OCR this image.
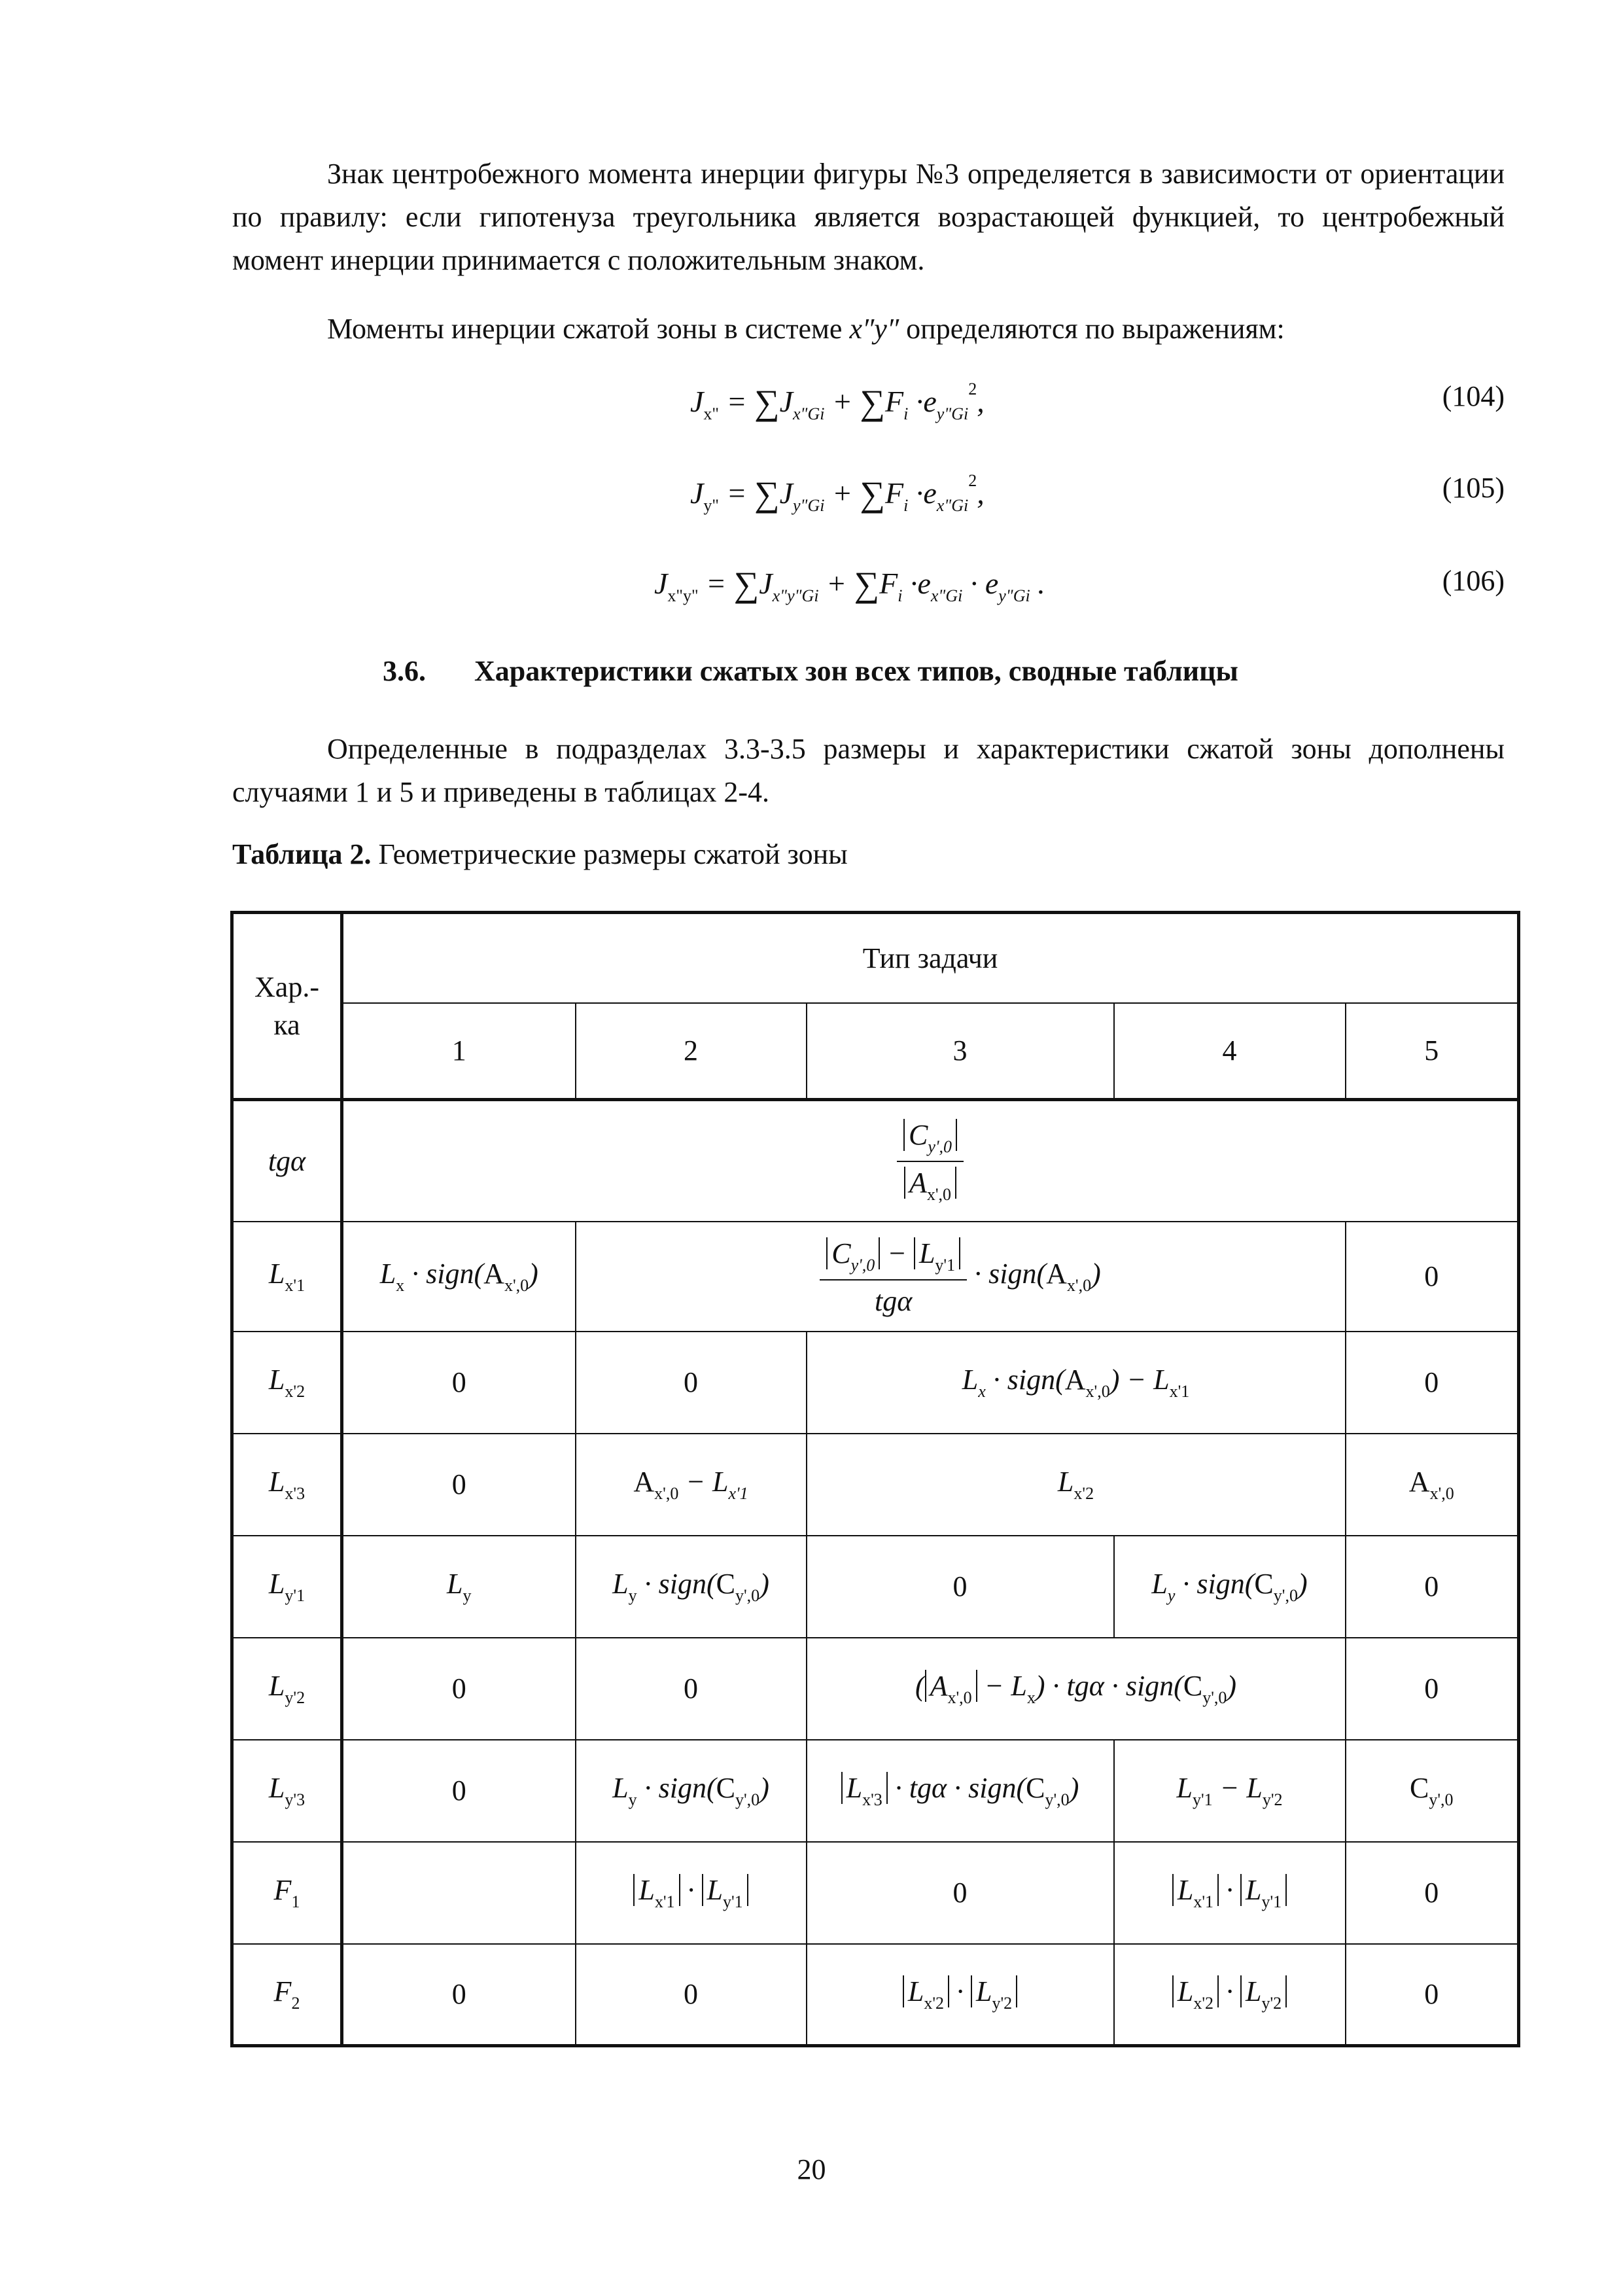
Знак центробежного момента инерции фигуры №3 определяется в зависимости от ориентации по правилу: если гипотенуза треугольника является возрастающей функцией, то центробежный момент инерции принимается с положительным знаком.

Моменты инерции сжатой зоны в системе x″y″ определяются по выражениям:

$J_{x"} = \sum J_{x"Gi} + \sum F_i \cdot e_{y"Gi}^2$,	(104)
$J_{y"} = \sum J_{y"Gi} + \sum F_i \cdot e_{x"Gi}^2$,	(105)
$J_{x"y"} = \sum J_{x"y"Gi} + \sum F_i \cdot e_{x"Gi} \cdot e_{y"Gi}$ .	(106)
3.6. Характеристики сжатых зон всех типов, сводные таблицы

Определенные в подразделах 3.3-3.5 размеры и характеристики сжатой зоны дополнены случаями 1 и 5 и приведены в таблицах 2-4.

Таблица 2. Геометрические размеры сжатой зоны
Хар.-ка	Тип задачи				
	1	2	3	4	5
tgα	$\frac{C_{y',0}}{A_{x',0}}$

$L_{x'1}$	$L_x$ · $sign(A_{x',0})$	$\frac{C_{y',0} - L_{y'1}}{\text{tgα}}$ · $sign(A_{x',0})$			0
$L_{x'2}$	0	0	$L_x$ · $sign(A_{x',0}) - L_{x'1}$		0
$L_{x'3}$	0	$A_{x',0} - L_{x'1}$	$L_{x'2}$		$A_{x',0}$
$L_{y'1}$	$L_y$	$L_y$ · $sign(C_{y',0})$	0	$L_y$ · $sign(C_{y',0})$	0
$L_{y'2}$	0	0	( $A_{x',0} - L_x) \cdot tg\alpha$ · $sign(C_{y',0})$		0
$L_{y'3}$	0	$L_y$ · $sign(C_{y',0})$	$L_{x'3} \cdot tg\alpha$ · $sign(C_{y',0})$	$L_{y'1} - L_{y'2}$	$C_{y',0}$
$F_1$		$L_{x'1} \cdot L_{y'1}$	0	$L_{x'1} \cdot L_{y'1}$	0
$F_2$	0	0	$L_{x'2} \cdot L_{y'2}$	$L_{x'2} \cdot L_{y'2}$	0
20
